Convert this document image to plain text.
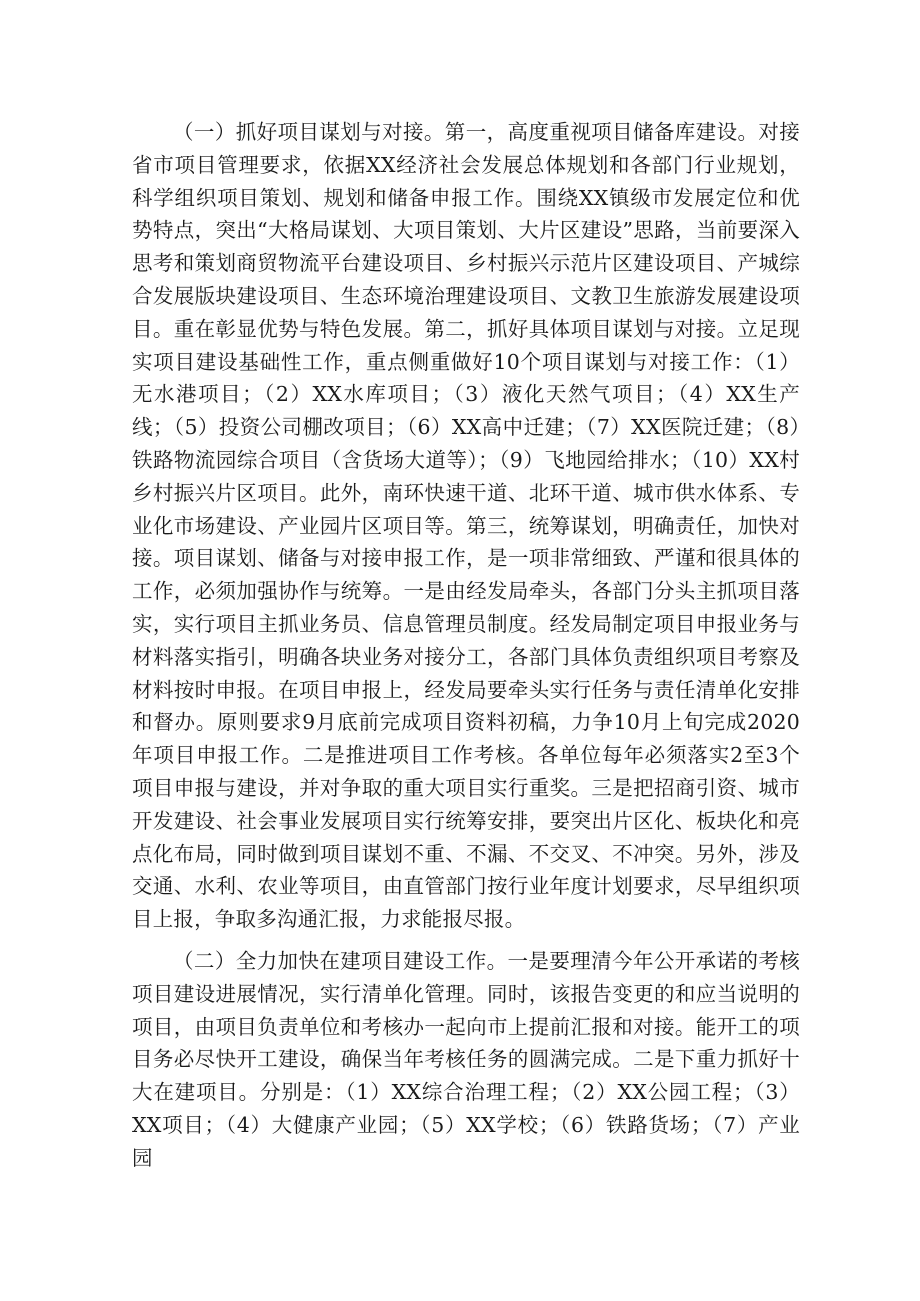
（一）抓好项目谋划与对接。第一，高度重视项目储备库建设。对接省市项目管理要求，依据XX经济社会发展总体规划和各部门行业规划，科学组织项目策划、规划和储备申报工作。围绕XX镇级市发展定位和优势特点，突出“大格局谋划、大项目策划、大片区建设”思路，当前要深入思考和策划商贸物流平台建设项目、乡村振兴示范片区建设项目、产城综合发展版块建设项目、生态环境治理建设项目、文教卫生旅游发展建设项目。重在彰显优势与特色发展。第二，抓好具体项目谋划与对接。立足现实项目建设基础性工作，重点侧重做好10个项目谋划与对接工作：（1）无水港项目；（2）XX水库项目；（3）液化天然气项目；（4）XX生产线；（5）投资公司棚改项目；（6）XX高中迁建；（7）XX医院迁建；（8）铁路物流园综合项目（含货场大道等）；（9）飞地园给排水；（10）XX村乡村振兴片区项目。此外，南环快速干道、北环干道、城市供水体系、专业化市场建设、产业园片区项目等。第三，统筹谋划，明确责任，加快对接。项目谋划、储备与对接申报工作，是一项非常细致、严谨和很具体的工作，必须加强协作与统筹。一是由经发局牵头，各部门分头主抓项目落实，实行项目主抓业务员、信息管理员制度。经发局制定项目申报业务与材料落实指引，明确各块业务对接分工，各部门具体负责组织项目考察及材料按时申报。在项目申报上，经发局要牵头实行任务与责任清单化安排和督办。原则要求9月底前完成项目资料初稿，力争10月上旬完成2020年项目申报工作。二是推进项目工作考核。各单位每年必须落实2至3个项目申报与建设，并对争取的重大项目实行重奖。三是把招商引资、城市开发建设、社会事业发展项目实行统筹安排，要突出片区化、板块化和亮点化布局，同时做到项目谋划不重、不漏、不交叉、不冲突。另外，涉及交通、水利、农业等项目，由直管部门按行业年度计划要求，尽早组织项目上报，争取多沟通汇报，力求能报尽报。

（二）全力加快在建项目建设工作。一是要理清今年公开承诺的考核项目建设进展情况，实行清单化管理。同时，该报告变更的和应当说明的项目，由项目负责单位和考核办一起向市上提前汇报和对接。能开工的项目务必尽快开工建设，确保当年考核任务的圆满完成。二是下重力抓好十大在建项目。分别是：（1）XX综合治理工程；（2）XX公园工程；（3）XX项目；（4）大健康产业园；（5）XX学校；（6）铁路货场；（7）产业园
